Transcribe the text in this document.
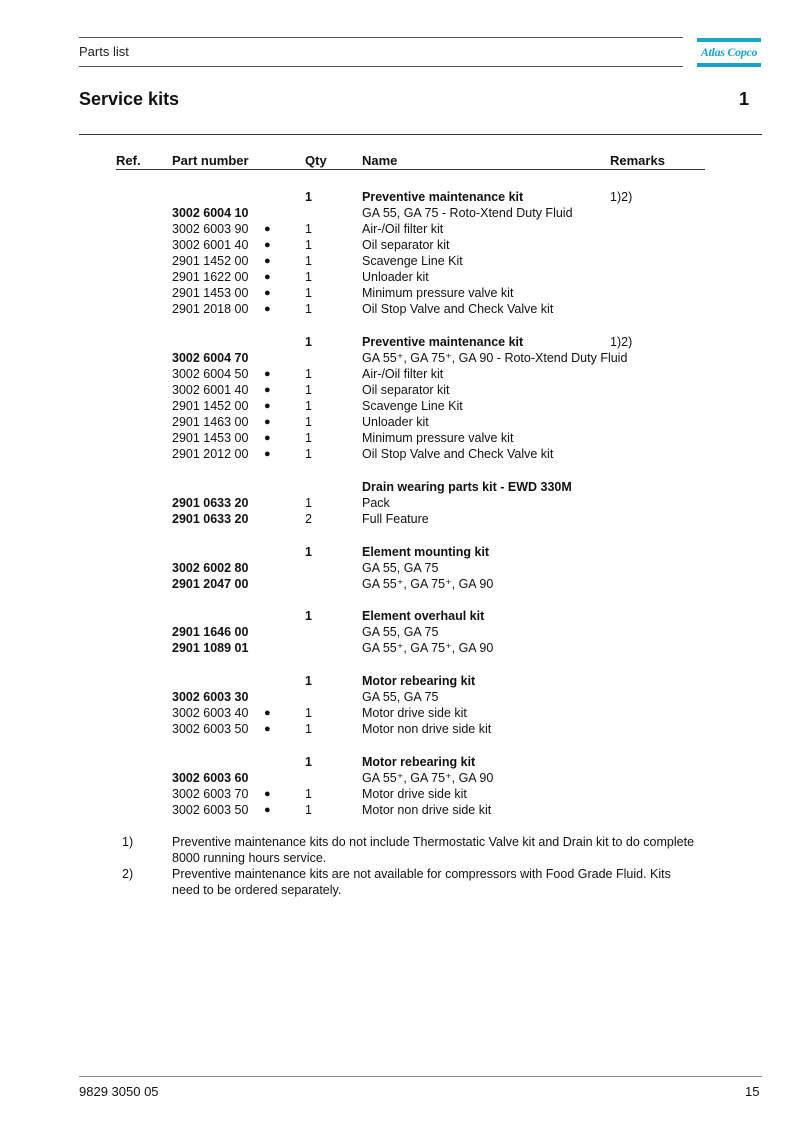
Parts list	Atlas Copco
Service kits	1
Ref. Part number	Qty	Name	Remarks
1	Preventive maintenance kit	1)2)
3002 6004 10	GA 55, GA 75 - Roto-Xtend Duty Fluid
3002 6003 90 ●	1	Air-/Oil filter kit
3002 6001 40 ●	1	Oil separator kit
2901 1452 00 ●	1	Scavenge Line Kit
2901 1622 00 ●	1	Unloader kit
2901 1453 00 ●	1	Minimum pressure valve kit
2901 2018 00 ●	1	Oil Stop Valve and Check Valve kit
1	Preventive maintenance kit	1)2)
3002 6004 70	GA 55⁺, GA 75⁺, GA 90 - Roto-Xtend Duty Fluid
3002 6004 50 ●	1	Air-/Oil filter kit
3002 6001 40 ●	1	Oil separator kit
2901 1452 00 ●	1	Scavenge Line Kit
2901 1463 00 ●	1	Unloader kit
2901 1453 00 ●	1	Minimum pressure valve kit
2901 2012 00 ●	1	Oil Stop Valve and Check Valve kit
Drain wearing parts kit - EWD 330M
2901 0633 20	1	Pack
2901 0633 20	2	Full Feature
1	Element mounting kit
3002 6002 80	GA 55, GA 75
2901 2047 00	GA 55⁺, GA 75⁺, GA 90
1	Element overhaul kit
2901 1646 00	GA 55, GA 75
2901 1089 01	GA 55⁺, GA 75⁺, GA 90
1	Motor rebearing kit
3002 6003 30	GA 55, GA 75
3002 6003 40 ●	1	Motor drive side kit
3002 6003 50 ●	1	Motor non drive side kit
1	Motor rebearing kit
3002 6003 60	GA 55⁺, GA 75⁺, GA 90
3002 6003 70 ●	1	Motor drive side kit
3002 6003 50 ●	1	Motor non drive side kit
1)	Preventive maintenance kits do not include Thermostatic Valve kit and Drain kit to do complete 8000 running hours service.
2)	Preventive maintenance kits are not available for compressors with Food Grade Fluid. Kits need to be ordered separately.
9829 3050 05	15
